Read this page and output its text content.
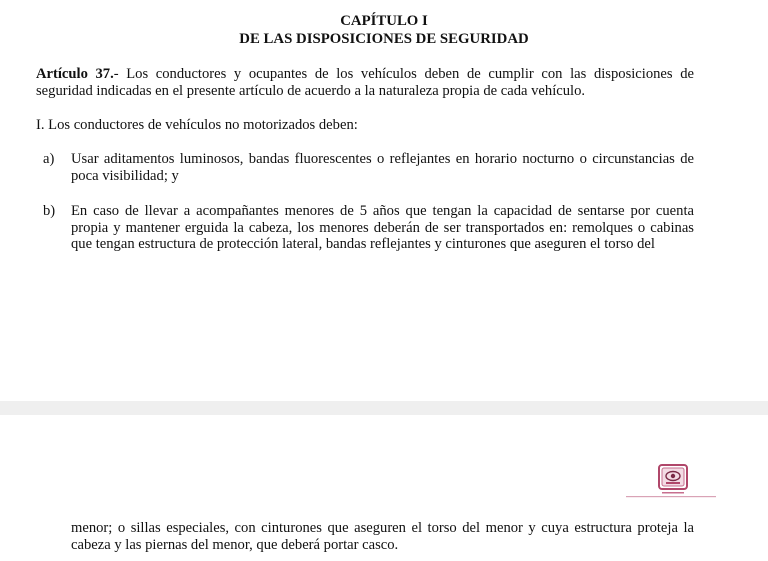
CAPÍTULO I
DE LAS DISPOSICIONES DE SEGURIDAD
Artículo 37.- Los conductores y ocupantes de los vehículos deben de cumplir con las disposiciones de seguridad indicadas en el presente artículo de acuerdo a la naturaleza propia de cada vehículo.
I. Los conductores de vehículos no motorizados deben:
a) Usar aditamentos luminosos, bandas fluorescentes o reflejantes en horario nocturno o circunstancias de poca visibilidad; y
b) En caso de llevar a acompañantes menores de 5 años que tengan la capacidad de sentarse por cuenta propia y mantener erguida la cabeza, los menores deberán de ser transportados en: remolques o cabinas que tengan estructura de protección lateral, bandas reflejantes y cinturones que aseguren el torso del
menor; o sillas especiales, con cinturones que aseguren el torso del menor y cuya estructura proteja la cabeza y las piernas del menor, que deberá portar casco.
